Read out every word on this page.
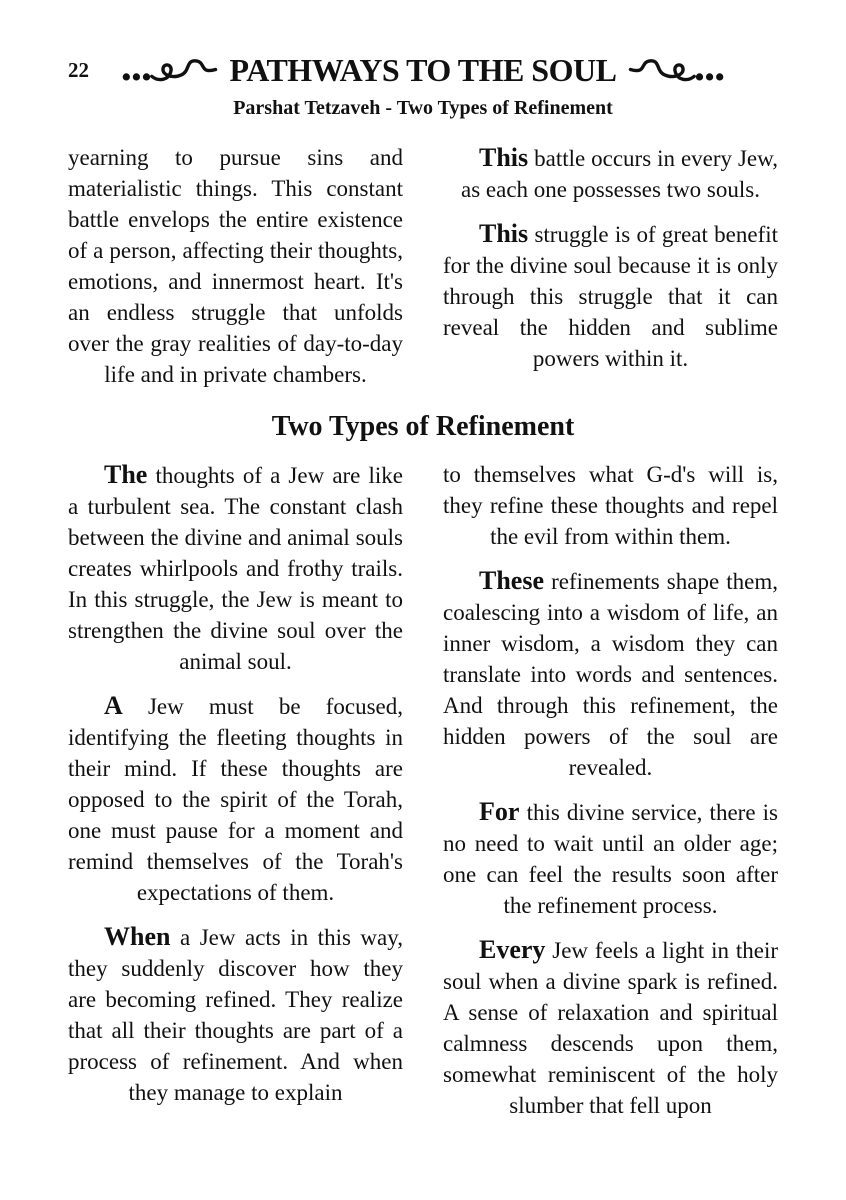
22	PATHWAYS TO THE SOUL
Parshat Tetzaveh - Two Types of Refinement

yearning to pursue sins and materialistic things. This constant battle envelops the entire existence of a person, affecting their thoughts, emotions, and innermost heart. It's an endless struggle that unfolds over the gray realities of day-to-day life and in private chambers.

This battle occurs in every Jew, as each one possesses two souls.

This struggle is of great benefit for the divine soul because it is only through this struggle that it can reveal the hidden and sublime powers within it.

Two Types of Refinement

The thoughts of a Jew are like a turbulent sea. The constant clash between the divine and animal souls creates whirlpools and frothy trails. In this struggle, the Jew is meant to strengthen the divine soul over the animal soul.

A Jew must be focused, identifying the fleeting thoughts in their mind. If these thoughts are opposed to the spirit of the Torah, one must pause for a moment and remind themselves of the Torah's expectations of them.

When a Jew acts in this way, they suddenly discover how they are becoming refined. They realize that all their thoughts are part of a process of refinement. And when they manage to explain

to themselves what G-d's will is, they refine these thoughts and repel the evil from within them.

These refinements shape them, coalescing into a wisdom of life, an inner wisdom, a wisdom they can translate into words and sentences. And through this refinement, the hidden powers of the soul are revealed.

For this divine service, there is no need to wait until an older age; one can feel the results soon after the refinement process.

Every Jew feels a light in their soul when a divine spark is refined. A sense of relaxation and spiritual calmness descends upon them, somewhat reminiscent of the holy slumber that fell upon
